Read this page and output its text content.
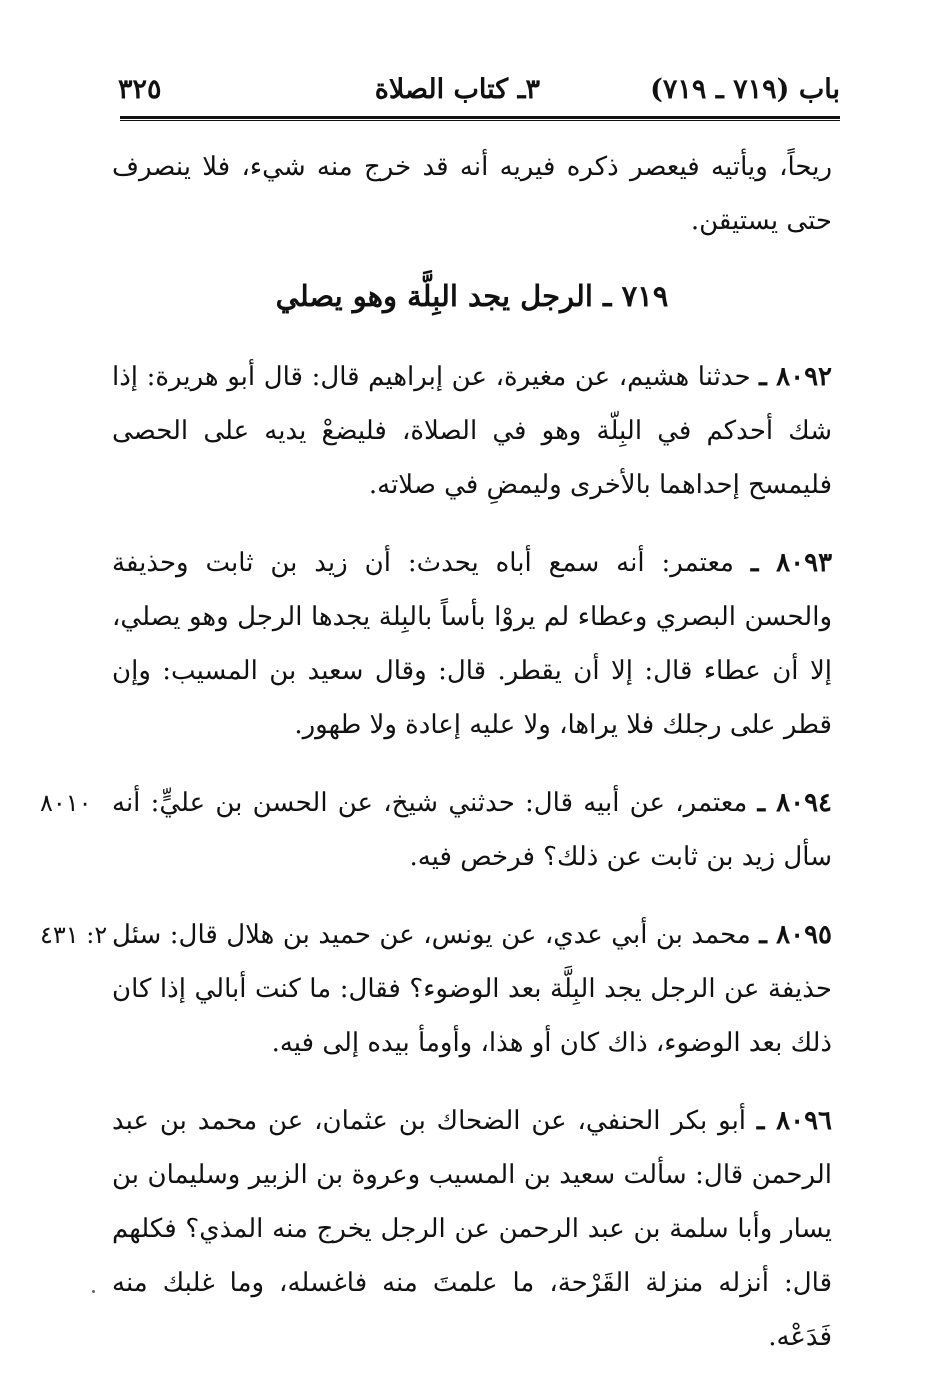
باب (٧١٩ ـ ٧١٩)
٣ـ كتاب الصلاة
٣٢٥

ريحاً، ويأتيه فيعصر ذكره فيريه أنه قد خرج منه شيء، فلا ينصرف حتى يستيقن.

٧١٩ ـ الرجل يجد البِلَّة وهو يصلي

٨٠٩٢ ـ حدثنا هشيم، عن مغيرة، عن إبراهيم قال: قال أبو هريرة: إذا شك أحدكم في البِلّة وهو في الصلاة، فليضعْ يديه على الحصى فليمسح إحداهما بالأخرى وليمضِ في صلاته.

٨٠٩٣ ـ معتمر: أنه سمع أباه يحدث: أن زيد بن ثابت وحذيفة والحسن البصري وعطاء لم يروْا بأساً بالبِلة يجدها الرجل وهو يصلي، إلا أن عطاء قال: إلا أن يقطر. قال: وقال سعيد بن المسيب: وإن قطر على رجلك فلا يراها، ولا عليه إعادة ولا طهور.

٨٠١٠	٨٠٩٤ ـ معتمر، عن أبيه قال: حدثني شيخ، عن الحسن بن عليٍّ: أنه سأل زيد بن ثابت عن ذلك؟ فرخص فيه.

٢: ٤٣١	٨٠٩٥ ـ محمد بن أبي عدي، عن يونس، عن حميد بن هلال قال: سئل حذيفة عن الرجل يجد البِلَّة بعد الوضوء؟ فقال: ما كنت أبالي إذا كان ذلك بعد الوضوء، ذاك كان أو هذا، وأومأ بيده إلى فيه.

٨٠٩٦ ـ أبو بكر الحنفي، عن الضحاك بن عثمان، عن محمد بن عبد الرحمن قال: سألت سعيد بن المسيب وعروة بن الزبير وسليمان بن يسار وأبا سلمة بن عبد الرحمن عن الرجل يخرج منه المذي؟ فكلهم قال: أنزله منزلة القَرْحة، ما علمتَ منه فاغسله، وما غلبك منه فَدَعْه.
